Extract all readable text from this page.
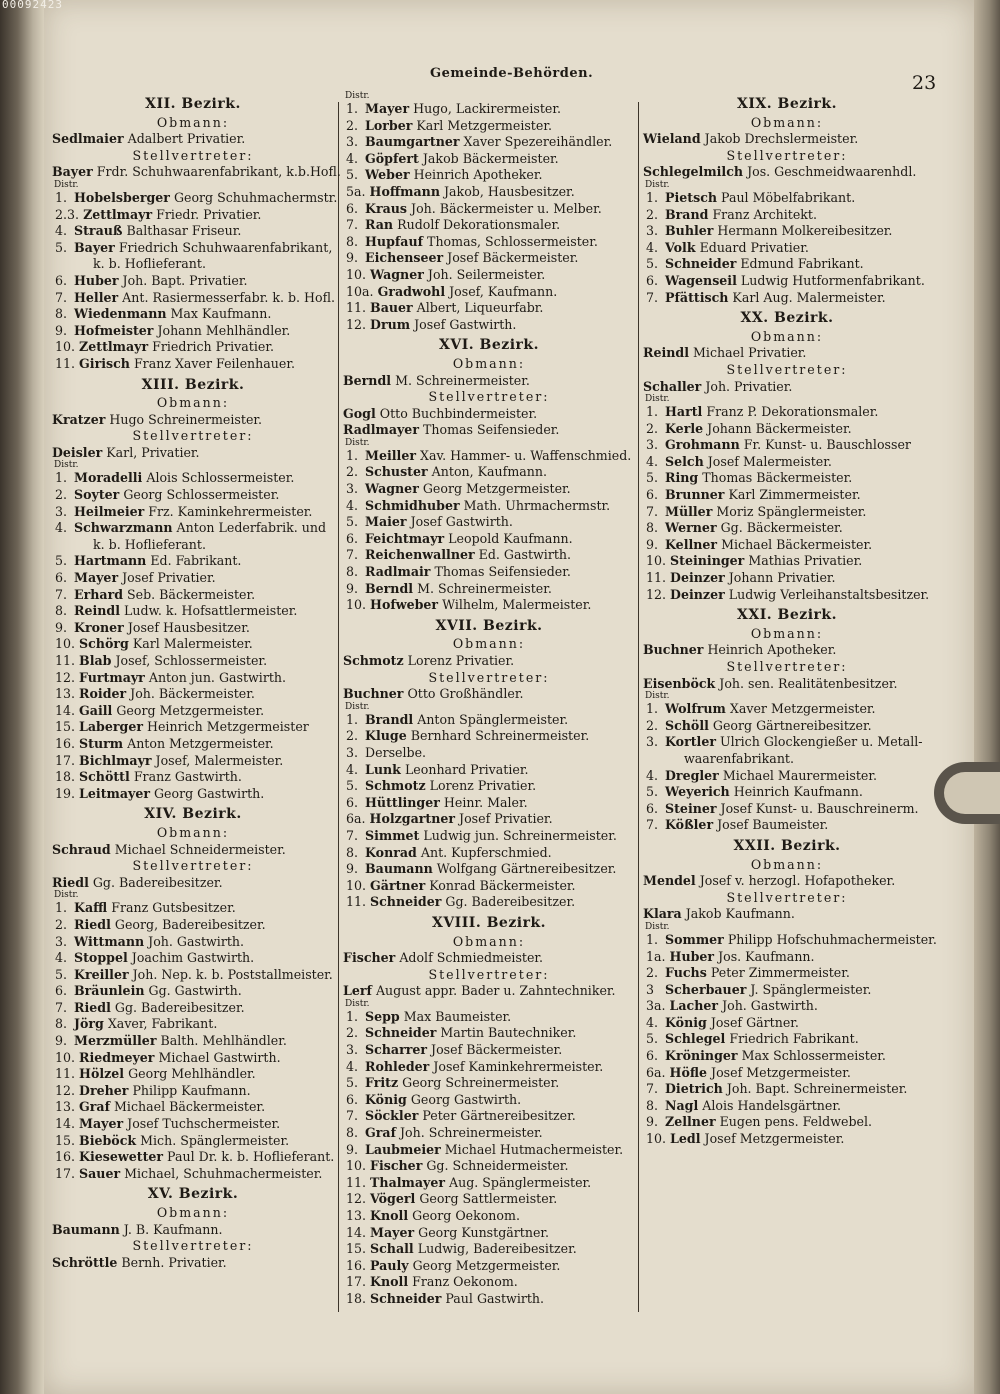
00092423
Gemeinde-Behörden.	23
XII. Bezirk.
Obmann:
Sedlmaier Adalbert Privatier.
Stellvertreter:
Bayer Frdr. Schuhwaarenfabrikant, k.b.Hofl.
Distr.
1. Hobelsberger Georg Schuhmachermstr.
2.3. Zettlmayr Friedr. Privatier.
4. Strauß Balthasar Friseur.
5. Bayer Friedrich Schuhwaarenfabrikant,
k. b. Hoflieferant.
6. Huber Joh. Bapt. Privatier.
7. Heller Ant. Rasiermesserfabr. k. b. Hofl.
8. Wiedenmann Max Kaufmann.
9. Hofmeister Johann Mehlhändler.
10. Zettlmayr Friedrich Privatier.
11. Girisch Franz Xaver Feilenhauer.
XIII. Bezirk.
Obmann:
Kratzer Hugo Schreinermeister.
Stellvertreter:
Deisler Karl, Privatier.
Distr.
1. Moradelli Alois Schlossermeister.
2. Soyter Georg Schlossermeister.
3. Heilmeier Frz. Kaminkehrermeister.
4. Schwarzmann Anton Lederfabrik. und
k. b. Hoflieferant.
5. Hartmann Ed. Fabrikant.
6. Mayer Josef Privatier.
7. Erhard Seb. Bäckermeister.
8. Reindl Ludw. k. Hofsattlermeister.
9. Kroner Josef Hausbesitzer.
10. Schörg Karl Malermeister.
11. Blab Josef, Schlossermeister.
12. Furtmayr Anton jun. Gastwirth.
13. Roider Joh. Bäckermeister.
14. Gaill Georg Metzgermeister.
15. Laberger Heinrich Metzgermeister
16. Sturm Anton Metzgermeister.
17. Bichlmayr Josef, Malermeister.
18. Schöttl Franz Gastwirth.
19. Leitmayer Georg Gastwirth.
XIV. Bezirk.
Obmann:
Schraud Michael Schneidermeister.
Stellvertreter:
Riedl Gg. Badereibesitzer.
Distr.
1. Kaffl Franz Gutsbesitzer.
2. Riedl Georg, Badereibesitzer.
3. Wittmann Joh. Gastwirth.
4. Stoppel Joachim Gastwirth.
5. Kreiller Joh. Nep. k. b. Poststallmeister.
6. Bräunlein Gg. Gastwirth.
7. Riedl Gg. Badereibesitzer.
8. Jörg Xaver, Fabrikant.
9. Merzmüller Balth. Mehlhändler.
10. Riedmeyer Michael Gastwirth.
11. Hölzel Georg Mehlhändler.
12. Dreher Philipp Kaufmann.
13. Graf Michael Bäckermeister.
14. Mayer Josef Tuchschermeister.
15. Bieböck Mich. Spänglermeister.
16. Kiesewetter Paul Dr. k. b. Hoflieferant.
17. Sauer Michael, Schuhmachermeister.
XV. Bezirk.
Obmann:
Baumann J. B. Kaufmann.
Stellvertreter:
Schröttle Bernh. Privatier.
Distr.
1. Mayer Hugo, Lackirermeister.
2. Lorber Karl Metzgermeister.
3. Baumgartner Xaver Spezereihändler.
4. Göpfert Jakob Bäckermeister.
5. Weber Heinrich Apotheker.
5a. Hoffmann Jakob, Hausbesitzer.
6. Kraus Joh. Bäckermeister u. Melber.
7. Ran Rudolf Dekorationsmaler.
8. Hupfauf Thomas, Schlossermeister.
9. Eichenseer Josef Bäckermeister.
10. Wagner Joh. Seilermeister.
10a. Gradwohl Josef, Kaufmann.
11. Bauer Albert, Liqueurfabr.
12. Drum Josef Gastwirth.
XVI. Bezirk.
Obmann:
Berndl M. Schreinermeister.
Stellvertreter:
Gogl Otto Buchbindermeister.
Radlmayer Thomas Seifensieder.
Distr.
1. Meiller Xav. Hammer- u. Waffenschmied.
2. Schuster Anton, Kaufmann.
3. Wagner Georg Metzgermeister.
4. Schmidhuber Math. Uhrmachermstr.
5. Maier Josef Gastwirth.
6. Feichtmayr Leopold Kaufmann.
7. Reichenwallner Ed. Gastwirth.
8. Radlmair Thomas Seifensieder.
9. Berndl M. Schreinermeister.
10. Hofweber Wilhelm, Malermeister.
XVII. Bezirk.
Obmann:
Schmotz Lorenz Privatier.
Stellvertreter:
Buchner Otto Großhändler.
Distr.
1. Brandl Anton Spänglermeister.
2. Kluge Bernhard Schreinermeister.
3. Derselbe.
4. Lunk Leonhard Privatier.
5. Schmotz Lorenz Privatier.
6. Hüttlinger Heinr. Maler.
6a. Holzgartner Josef Privatier.
7. Simmet Ludwig jun. Schreinermeister.
8. Konrad Ant. Kupferschmied.
9. Baumann Wolfgang Gärtnereibesitzer.
10. Gärtner Konrad Bäckermeister.
11. Schneider Gg. Badereibesitzer.
XVIII. Bezirk.
Obmann:
Fischer Adolf Schmiedmeister.
Stellvertreter:
Lerf August appr. Bader u. Zahntechniker.
Distr.
1. Sepp Max Baumeister.
2. Schneider Martin Bautechniker.
3. Scharrer Josef Bäckermeister.
4. Rohleder Josef Kaminkehrermeister.
5. Fritz Georg Schreinermeister.
6. König Georg Gastwirth.
7. Söckler Peter Gärtnereibesitzer.
8. Graf Joh. Schreinermeister.
9. Laubmeier Michael Hutmachermeister.
10. Fischer Gg. Schneidermeister.
11. Thalmayer Aug. Spänglermeister.
12. Vögerl Georg Sattlermeister.
13. Knoll Georg Oekonom.
14. Mayer Georg Kunstgärtner.
15. Schall Ludwig, Badereibesitzer.
16. Pauly Georg Metzgermeister.
17. Knoll Franz Oekonom.
18. Schneider Paul Gastwirth.
XIX. Bezirk.
Obmann:
Wieland Jakob Drechslermeister.
Stellvertreter:
Schlegelmilch Jos. Geschmeidwaarenhdl.
Distr.
1. Pietsch Paul Möbelfabrikant.
2. Brand Franz Architekt.
3. Buhler Hermann Molkereibesitzer.
4. Volk Eduard Privatier.
5. Schneider Edmund Fabrikant.
6. Wagenseil Ludwig Hutformenfabrikant.
7. Pfättisch Karl Aug. Malermeister.
XX. Bezirk.
Obmann:
Reindl Michael Privatier.
Stellvertreter:
Schaller Joh. Privatier.
Distr.
1. Hartl Franz P. Dekorationsmaler.
2. Kerle Johann Bäckermeister.
3. Grohmann Fr. Kunst- u. Bauschlosser
4. Selch Josef Malermeister.
5. Ring Thomas Bäckermeister.
6. Brunner Karl Zimmermeister.
7. Müller Moriz Spänglermeister.
8. Werner Gg. Bäckermeister.
9. Kellner Michael Bäckermeister.
10. Steininger Mathias Privatier.
11. Deinzer Johann Privatier.
12. Deinzer Ludwig Verleihanstaltsbesitzer.
XXI. Bezirk.
Obmann:
Buchner Heinrich Apotheker.
Stellvertreter:
Eisenböck Joh. sen. Realitätenbesitzer.
Distr.
1. Wolfrum Xaver Metzgermeister.
2. Schöll Georg Gärtnereibesitzer.
3. Kortler Ulrich Glockengießer u. Metall-
waarenfabrikant.
4. Dregler Michael Maurermeister.
5. Weyerich Heinrich Kaufmann.
6. Steiner Josef Kunst- u. Bauschreinerm.
7. Kößler Josef Baumeister.
XXII. Bezirk.
Obmann:
Mendel Josef v. herzogl. Hofapotheker.
Stellvertreter:
Klara Jakob Kaufmann.
Distr.
1. Sommer Philipp Hofschuhmachermeister.
1a. Huber Jos. Kaufmann.
2. Fuchs Peter Zimmermeister.
3 Scherbauer J. Spänglermeister.
3a. Lacher Joh. Gastwirth.
4. König Josef Gärtner.
5. Schlegel Friedrich Fabrikant.
6. Kröninger Max Schlossermeister.
6a. Höfle Josef Metzgermeister.
7. Dietrich Joh. Bapt. Schreinermeister.
8. Nagl Alois Handelsgärtner.
9. Zellner Eugen pens. Feldwebel.
10. Ledl Josef Metzgermeister.
